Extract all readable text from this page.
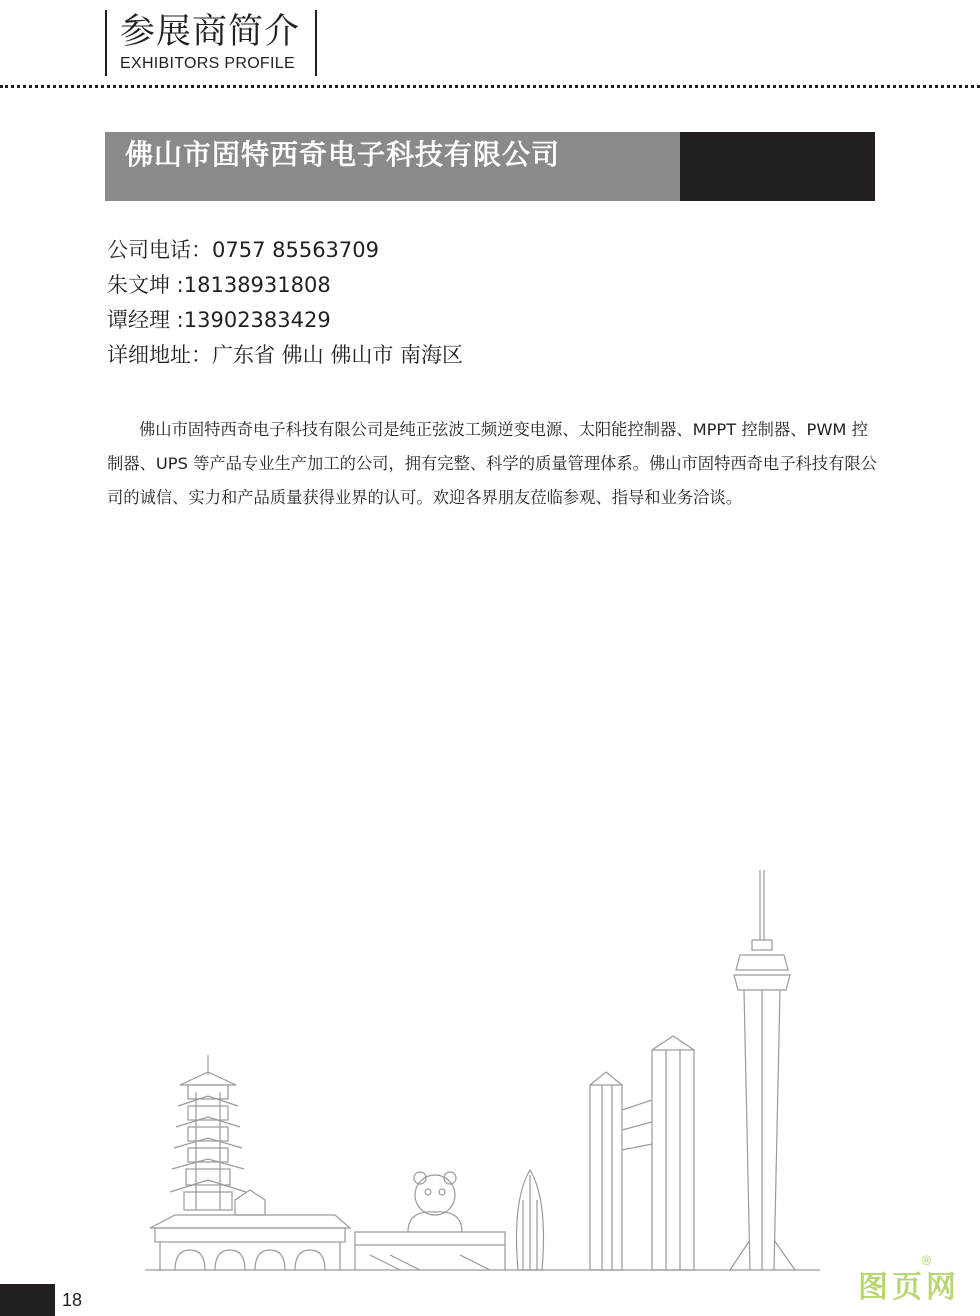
参展商简介
EXHIBITORS PROFILE
佛山市固特西奇电子科技有限公司
公司电话：0757 85563709
朱文坤 :18138931808
谭经理 :13902383429
详细地址：广东省 佛山 佛山市 南海区
佛山市固特西奇电子科技有限公司是纯正弦波工频逆变电源、太阳能控制器、MPPT 控制器、PWM 控制器、UPS 等产品专业生产加工的公司，拥有完整、科学的质量管理体系。佛山市固特西奇电子科技有限公司的诚信、实力和产品质量获得业界的认可。欢迎各界朋友莅临参观、指导和业务洽谈。
18	图页网
®
